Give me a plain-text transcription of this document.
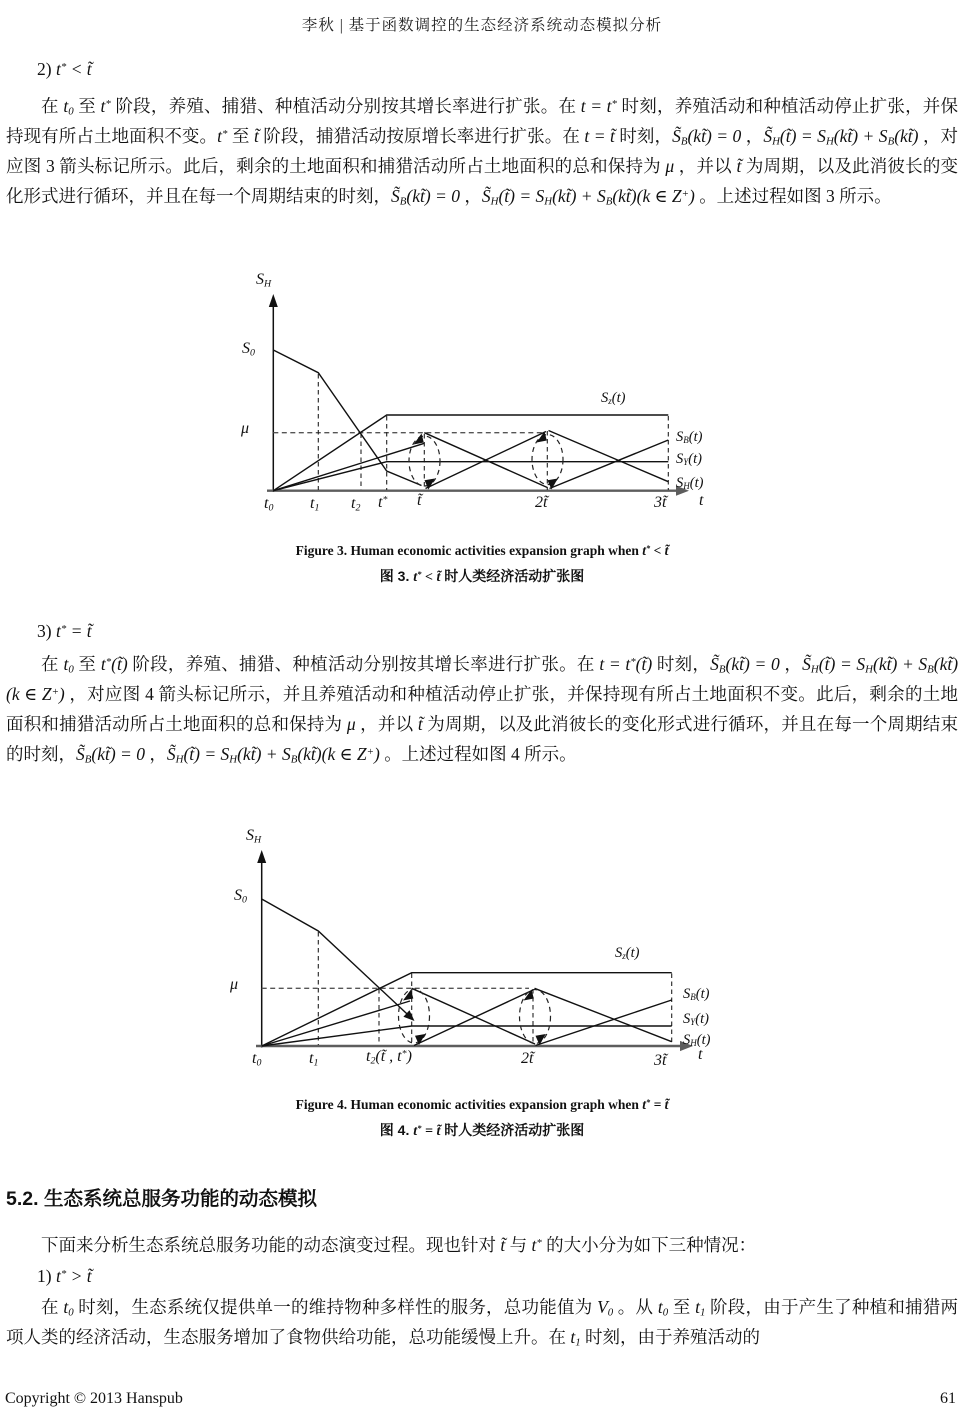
李秋 | 基于函数调控的生态经济系统动态模拟分析
2) t* < t̃
在 $t_0$ 至 t* 阶段，养殖、捕猎、种植活动分别按其增长率进行扩张。在 t = t* 时刻，养殖活动和种植活动停止扩张，并保持现有所占土地面积不变。t* 至 t̃ 阶段，捕猎活动按原增长率进行扩张。在 t = t̃ 时刻，$S̃_B(kt̃) = 0$ ，$S̃_H(t̃)$ = $S_H(kt̃)$ + $S_B(kt̃)$ ，对应图 3 箭头标记所示。此后，剩余的土地面积和捕猎活动所占土地面积的总和保持为 μ ，并以 t̃ 为周期，以及此消彼长的变化形式进行循环，并且在每一个周期结束的时刻，$S̃_B(kt̃) = 0$ ，$S̃_H(t̃)$ = $S_H(kt̃)$ + $S_B(kt̃)(k$ ∈ Z+) 。上述过程如图 3 所示。
$S_H$
$S_0$
μ
$t_0$ $t_1$ $t_2$ t* t̃	2t̃	3t̃ t
$S_z(t)$
$S_B(t)$
$S_Y(t)$
$S_H(t)$
Figure 3. Human economic activities expansion graph when t* < t̃
图 3. t* < t̃ 时人类经济活动扩张图
3) t* = t̃
在 $t_0$ 至 t*(t̃) 阶段，养殖、捕猎、种植活动分别按其增长率进行扩张。在 t = t*(t̃) 时刻，$S̃_B(kt̃) = 0$ ，$S̃_H(t̃)$ = $S_H(kt̃)$ + $S_B(kt̃)(k$ ∈ Z+) ，对应图 4 箭头标记所示，并且养殖活动和种植活动停止扩张，并保持现有所占土地面积不变。此后，剩余的土地面积和捕猎活动所占土地面积的总和保持为 μ ，并以 t̃ 为周期，以及此消彼长的变化形式进行循环，并且在每一个周期结束的时刻，$S̃_B(kt̃) = 0$ ，$S̃_H(t̃)$ = $S_H(kt̃)$ + $S_B(kt̃)(k$ ∈ Z+) 。上述过程如图 4 所示。
$S_H$
$S_0$
μ
$t_0$	$t_1$	$t_2(t̃$ , t*)	2t̃	3t̃ t
$S_z(t)$
$S_B(t)$
$S_Y(t)$
$S_H(t)$
Figure 4. Human economic activities expansion graph when t* = t̃
图 4. t* = t̃ 时人类经济活动扩张图
5.2. 生态系统总服务功能的动态模拟
下面来分析生态系统总服务功能的动态演变过程。现也针对 t̃ 与 t* 的大小分为如下三种情况：
1) t* > t̃
在 $t_0$ 时刻，生态系统仅提供单一的维持物种多样性的服务，总功能值为 $V_0$ 。从 $t_0$ 至 $t_1$ 阶段，由于产生了种植和捕猎两项人类的经济活动，生态服务增加了食物供给功能，总功能缓慢上升。在 $t_1$ 时刻，由于养殖活动的
Copyright © 2013 Hanspub	61
